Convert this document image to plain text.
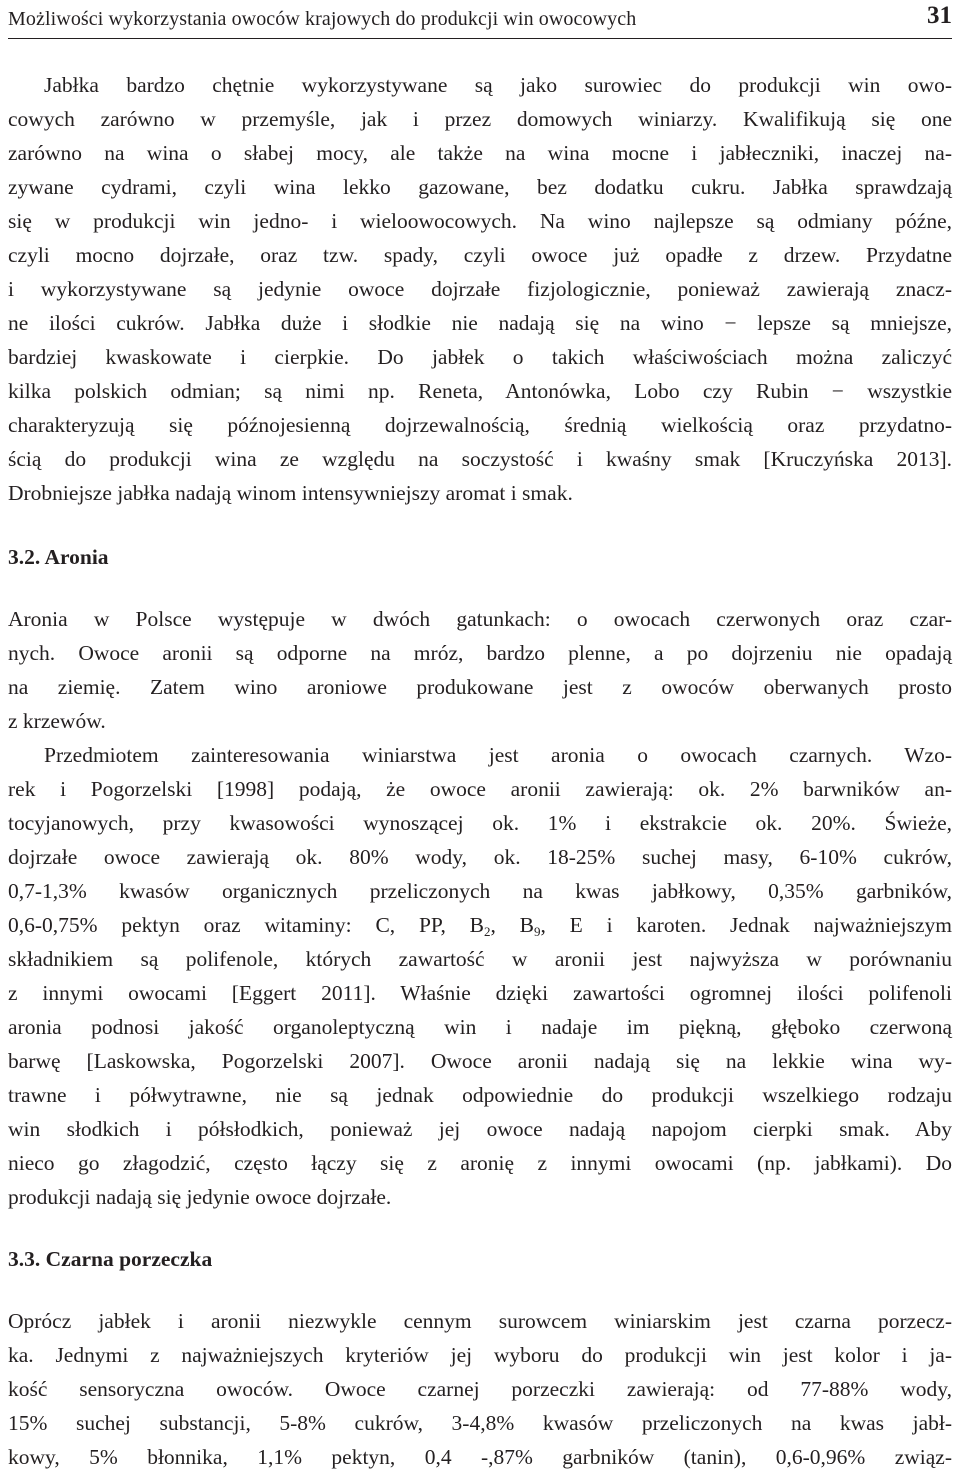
Możliwości wykorzystania owoców krajowych do produkcji win owocowych	31
Jabłka bardzo chętnie wykorzystywane są jako surowiec do produkcji win owo-
cowych zarówno w przemyśle, jak i przez domowych winiarzy. Kwalifikują się one
zarówno na wina o słabej mocy, ale także na wina mocne i jabłeczniki, inaczej na-
zywane cydrami, czyli wina lekko gazowane, bez dodatku cukru. Jabłka sprawdzają
się w produkcji win jedno- i wieloowocowych. Na wino najlepsze są odmiany późne,
czyli mocno dojrzałe, oraz tzw. spady, czyli owoce już opadłe z drzew. Przydatne
i wykorzystywane są jedynie owoce dojrzałe fizjologicznie, ponieważ zawierają znacz-
ne ilości cukrów. Jabłka duże i słodkie nie nadają się na wino − lepsze są mniejsze,
bardziej kwaskowate i cierpkie. Do jabłek o takich właściwościach można zaliczyć
kilka polskich odmian; są nimi np. Reneta, Antonówka, Lobo czy Rubin − wszystkie
charakteryzują się późnojesienną dojrzewalnością, średnią wielkością oraz przydatno-
ścią do produkcji wina ze względu na soczystość i kwaśny smak [Kruczyńska 2013].
Drobniejsze jabłka nadają winom intensywniejszy aromat i smak.
3.2. Aronia
Aronia w Polsce występuje w dwóch gatunkach: o owocach czerwonych oraz czar-
nych. Owoce aronii są odporne na mróz, bardzo plenne, a po dojrzeniu nie opadają
na ziemię. Zatem wino aroniowe produkowane jest z owoców oberwanych prosto
z krzewów.
Przedmiotem zainteresowania winiarstwa jest aronia o owocach czarnych. Wzo-
rek i Pogorzelski [1998] podają, że owoce aronii zawierają: ok. 2% barwników an-
tocyjanowych, przy kwasowości wynoszącej ok. 1% i ekstrakcie ok. 20%. Świeże,
dojrzałe owoce zawierają ok. 80% wody, ok. 18-25% suchej masy, 6-10% cukrów,
0,7-1,3% kwasów organicznych przeliczonych na kwas jabłkowy, 0,35% garbników,
0,6-0,75% pektyn oraz witaminy: C, PP, $B_2$, $B_9$, E i karoten. Jednak najważniejszym
składnikiem są polifenole, których zawartość w aronii jest najwyższa w porównaniu
z innymi owocami [Eggert 2011]. Właśnie dzięki zawartości ogromnej ilości polifenoli
aronia podnosi jakość organoleptyczną win i nadaje im piękną, głęboko czerwoną
barwę [Laskowska, Pogorzelski 2007]. Owoce aronii nadają się na lekkie wina wy-
trawne i półwytrawne, nie są jednak odpowiednie do produkcji wszelkiego rodzaju
win słodkich i półsłodkich, ponieważ jej owoce nadają napojom cierpki smak. Aby
nieco go złagodzić, często łączy się z aronię z innymi owocami (np. jabłkami). Do
produkcji nadają się jedynie owoce dojrzałe.
3.3. Czarna porzeczka
Oprócz jabłek i aronii niezwykle cennym surowcem winiarskim jest czarna porzecz-
ka. Jednymi z najważniejszych kryteriów jej wyboru do produkcji win jest kolor i ja-
kość sensoryczna owoców. Owoce czarnej porzeczki zawierają: od 77-88% wody,
15% suchej substancji, 5-8% cukrów, 3-4,8% kwasów przeliczonych na kwas jabł-
kowy, 5% błonnika, 1,1% pektyn, 0,4 -,87% garbników (tanin), 0,6-0,96% związ-
